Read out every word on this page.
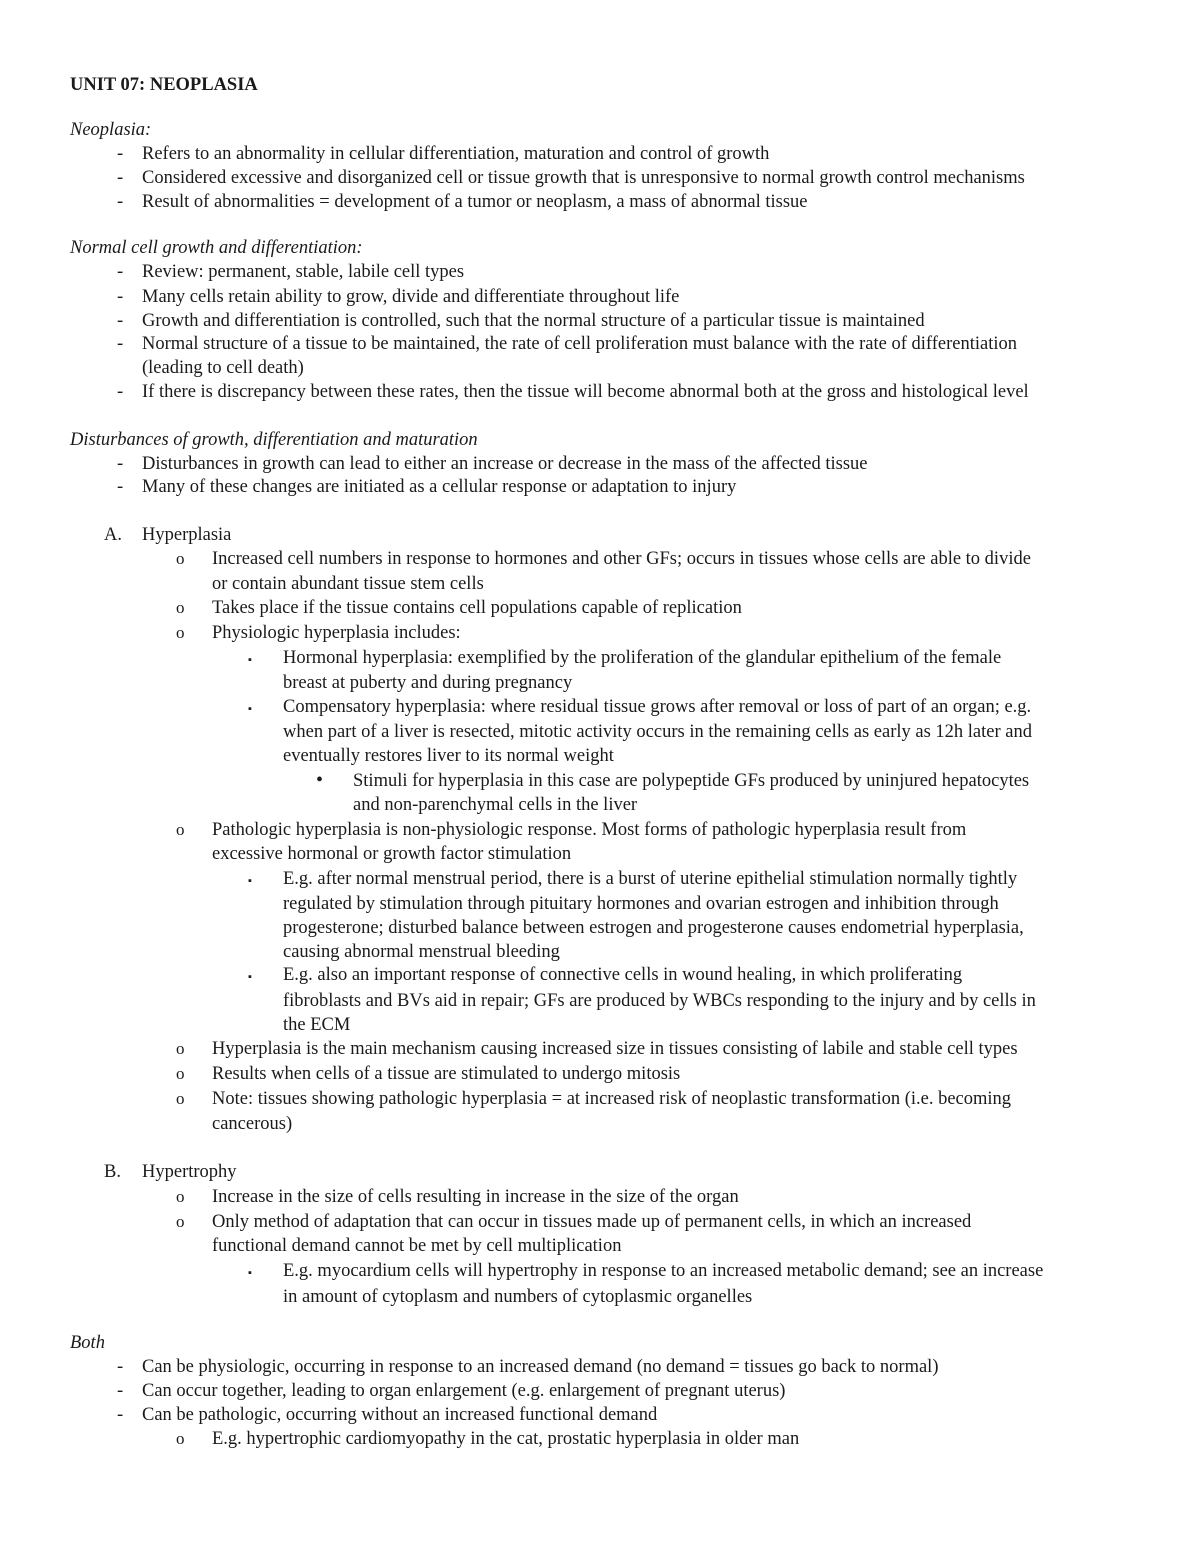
UNIT 07: NEOPLASIA
Neoplasia:
- Refers to an abnormality in cellular differentiation, maturation and control of growth
- Considered excessive and disorganized cell or tissue growth that is unresponsive to normal growth control mechanisms
- Result of abnormalities = development of a tumor or neoplasm, a mass of abnormal tissue
Normal cell growth and differentiation:
- Review: permanent, stable, labile cell types
- Many cells retain ability to grow, divide and differentiate throughout life
- Growth and differentiation is controlled, such that the normal structure of a particular tissue is maintained
- Normal structure of a tissue to be maintained, the rate of cell proliferation must balance with the rate of differentiation
(leading to cell death)
- If there is discrepancy between these rates, then the tissue will become abnormal both at the gross and histological level
Disturbances of growth, differentiation and maturation
- Disturbances in growth can lead to either an increase or decrease in the mass of the affected tissue
- Many of these changes are initiated as a cellular response or adaptation to injury
A. Hyperplasia
o Increased cell numbers in response to hormones and other GFs; occurs in tissues whose cells are able to divide
or contain abundant tissue stem cells
o Takes place if the tissue contains cell populations capable of replication
o Physiologic hyperplasia includes:
▪ Hormonal hyperplasia: exemplified by the proliferation of the glandular epithelium of the female
breast at puberty and during pregnancy
▪ Compensatory hyperplasia: where residual tissue grows after removal or loss of part of an organ; e.g.
when part of a liver is resected, mitotic activity occurs in the remaining cells as early as 12h later and
eventually restores liver to its normal weight
• Stimuli for hyperplasia in this case are polypeptide GFs produced by uninjured hepatocytes
and non-parenchymal cells in the liver
o Pathologic hyperplasia is non-physiologic response. Most forms of pathologic hyperplasia result from
excessive hormonal or growth factor stimulation
▪ E.g. after normal menstrual period, there is a burst of uterine epithelial stimulation normally tightly
regulated by stimulation through pituitary hormones and ovarian estrogen and inhibition through
progesterone; disturbed balance between estrogen and progesterone causes endometrial hyperplasia,
causing abnormal menstrual bleeding
▪ E.g. also an important response of connective cells in wound healing, in which proliferating
fibroblasts and BVs aid in repair; GFs are produced by WBCs responding to the injury and by cells in
the ECM
o Hyperplasia is the main mechanism causing increased size in tissues consisting of labile and stable cell types
o Results when cells of a tissue are stimulated to undergo mitosis
o Note: tissues showing pathologic hyperplasia = at increased risk of neoplastic transformation (i.e. becoming
cancerous)
B. Hypertrophy
o Increase in the size of cells resulting in increase in the size of the organ
o Only method of adaptation that can occur in tissues made up of permanent cells, in which an increased
functional demand cannot be met by cell multiplication
▪ E.g. myocardium cells will hypertrophy in response to an increased metabolic demand; see an increase
in amount of cytoplasm and numbers of cytoplasmic organelles
Both
- Can be physiologic, occurring in response to an increased demand (no demand = tissues go back to normal)
- Can occur together, leading to organ enlargement (e.g. enlargement of pregnant uterus)
- Can be pathologic, occurring without an increased functional demand
o E.g. hypertrophic cardiomyopathy in the cat, prostatic hyperplasia in older man
